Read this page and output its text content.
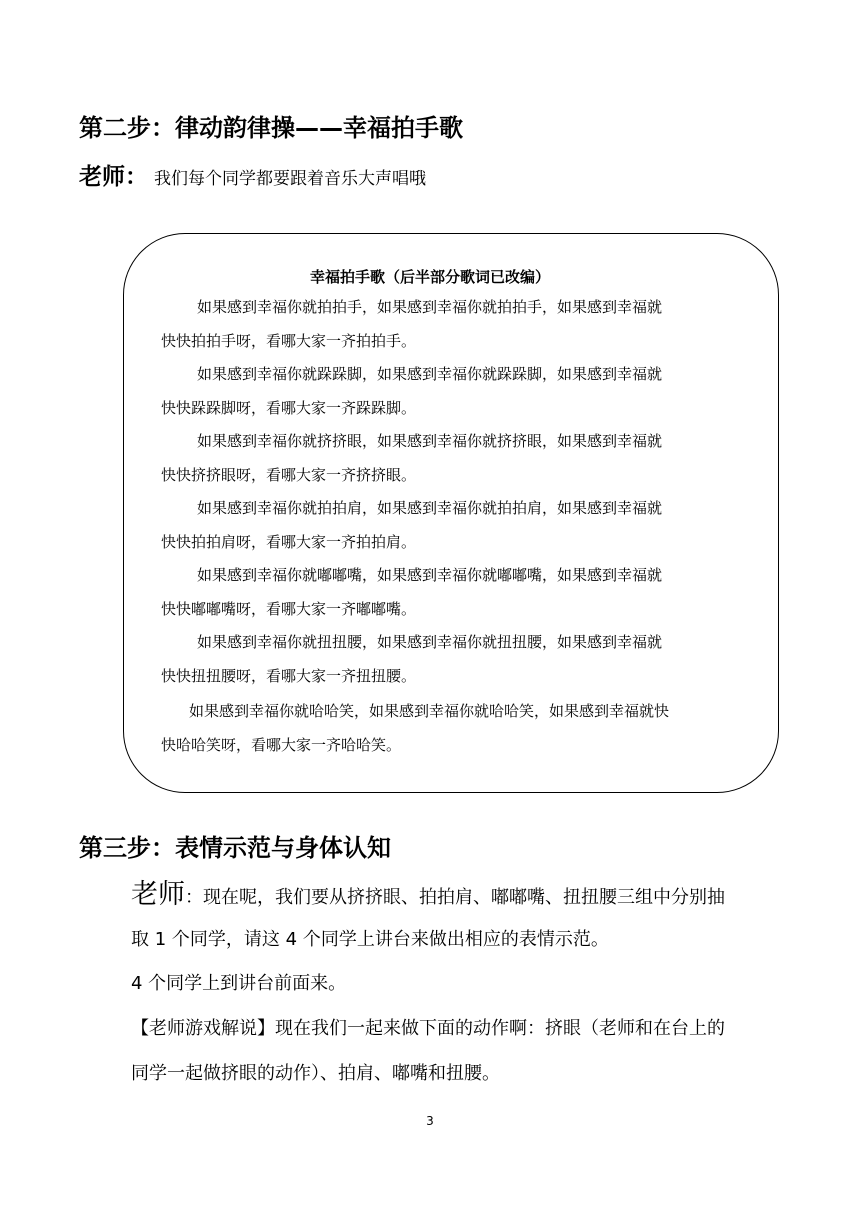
第二步：律动韵律操——幸福拍手歌
老师： 我们每个同学都要跟着音乐大声唱哦
幸福拍手歌（后半部分歌词已改编）
如果感到幸福你就拍拍手，如果感到幸福你就拍拍手，如果感到幸福就
快快拍拍手呀，看哪大家一齐拍拍手。
如果感到幸福你就跺跺脚，如果感到幸福你就跺跺脚，如果感到幸福就
快快跺跺脚呀，看哪大家一齐跺跺脚。
如果感到幸福你就挤挤眼，如果感到幸福你就挤挤眼，如果感到幸福就
快快挤挤眼呀，看哪大家一齐挤挤眼。
如果感到幸福你就拍拍肩，如果感到幸福你就拍拍肩，如果感到幸福就
快快拍拍肩呀，看哪大家一齐拍拍肩。
如果感到幸福你就嘟嘟嘴，如果感到幸福你就嘟嘟嘴，如果感到幸福就
快快嘟嘟嘴呀，看哪大家一齐嘟嘟嘴。
如果感到幸福你就扭扭腰，如果感到幸福你就扭扭腰，如果感到幸福就
快快扭扭腰呀，看哪大家一齐扭扭腰。
如果感到幸福你就哈哈笑，如果感到幸福你就哈哈笑，如果感到幸福就快
快哈哈笑呀，看哪大家一齐哈哈笑。
第三步：表情示范与身体认知
老师：现在呢，我们要从挤挤眼、拍拍肩、嘟嘟嘴、扭扭腰三组中分别抽
取 1 个同学，请这 4 个同学上讲台来做出相应的表情示范。
4 个同学上到讲台前面来。
【老师游戏解说】现在我们一起来做下面的动作啊：挤眼（老师和在台上的
同学一起做挤眼的动作）、拍肩、嘟嘴和扭腰。
3
